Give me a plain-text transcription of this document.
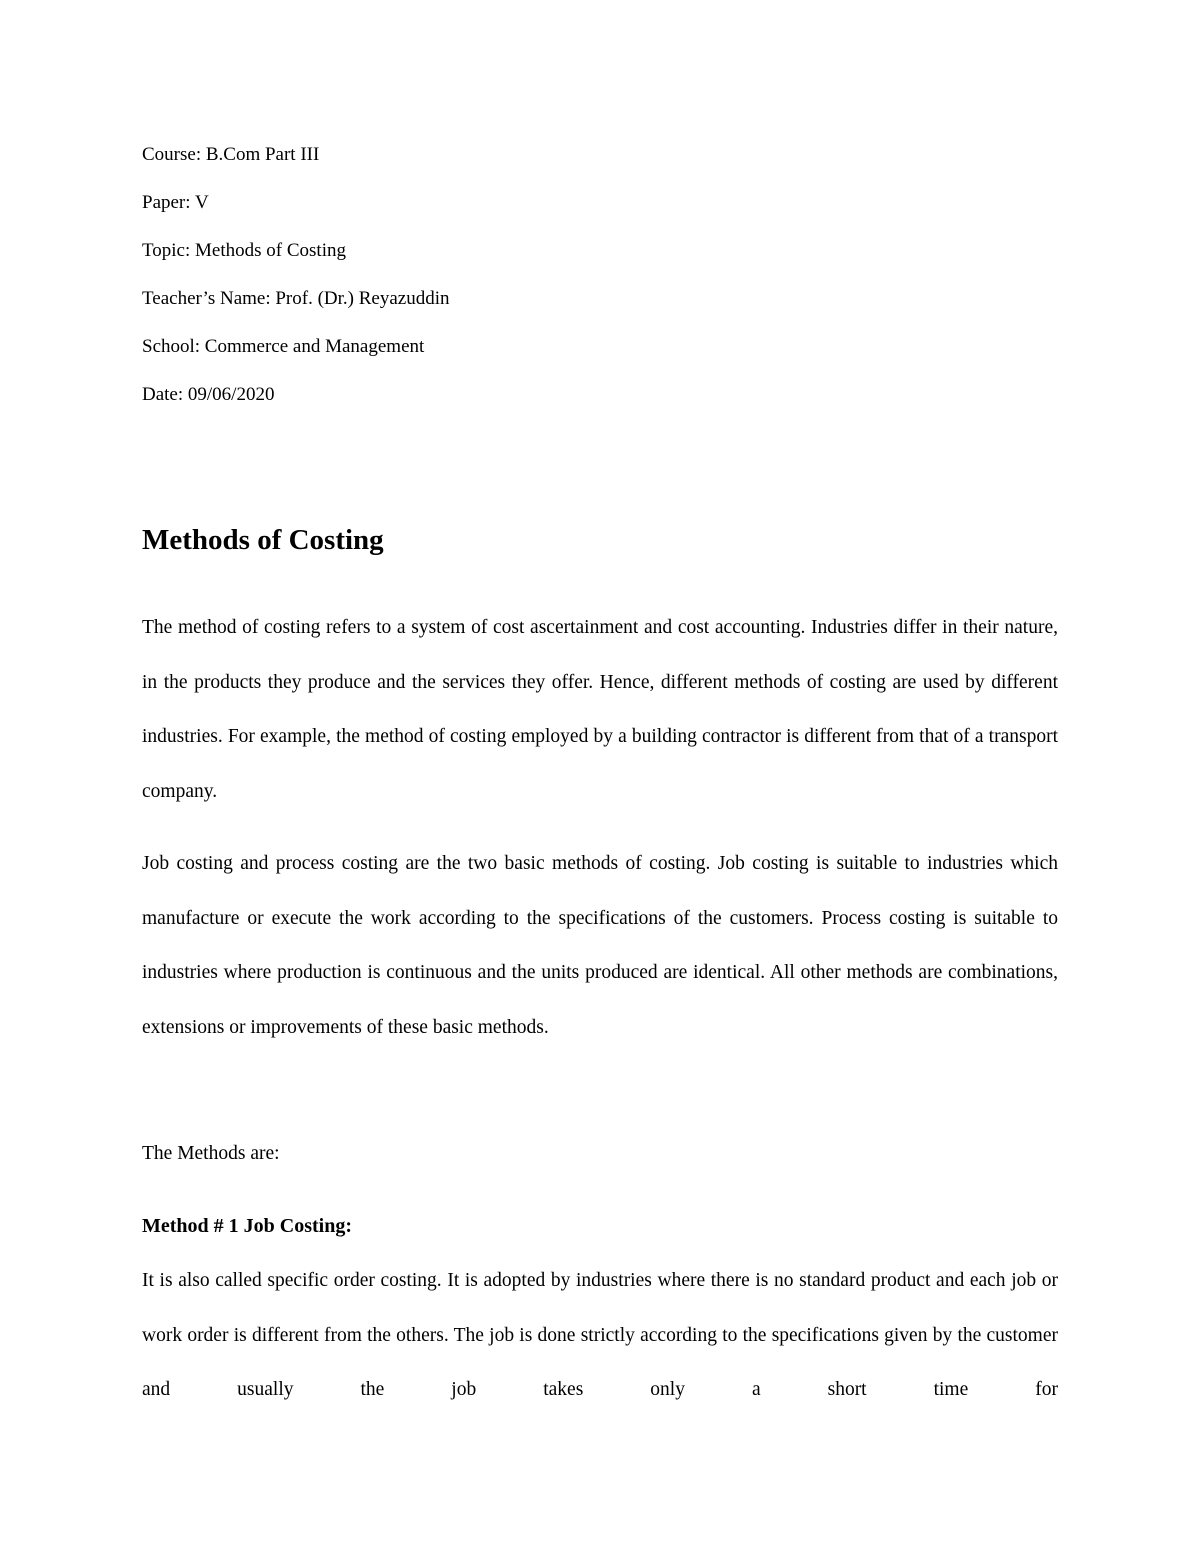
Course: B.Com Part III
Paper: V
Topic: Methods of Costing
Teacher’s Name: Prof. (Dr.) Reyazuddin
School: Commerce and Management
Date: 09/06/2020
Methods of Costing

The method of costing refers to a system of cost ascertainment and cost accounting. Industries differ in their nature, in the products they produce and the services they offer. Hence, different methods of costing are used by different industries. For example, the method of costing employed by a building contractor is different from that of a transport company.

Job costing and process costing are the two basic methods of costing. Job costing is suitable to industries which manufacture or execute the work according to the specifications of the customers. Process costing is suitable to industries where production is continuous and the units produced are identical. All other methods are combinations, extensions or improvements of these basic methods.

The Methods are:

Method # 1 Job Costing:

It is also called specific order costing. It is adopted by industries where there is no standard product and each job or work order is different from the others. The job is done strictly according to the specifications given by the customer and usually the job takes only a short time for
